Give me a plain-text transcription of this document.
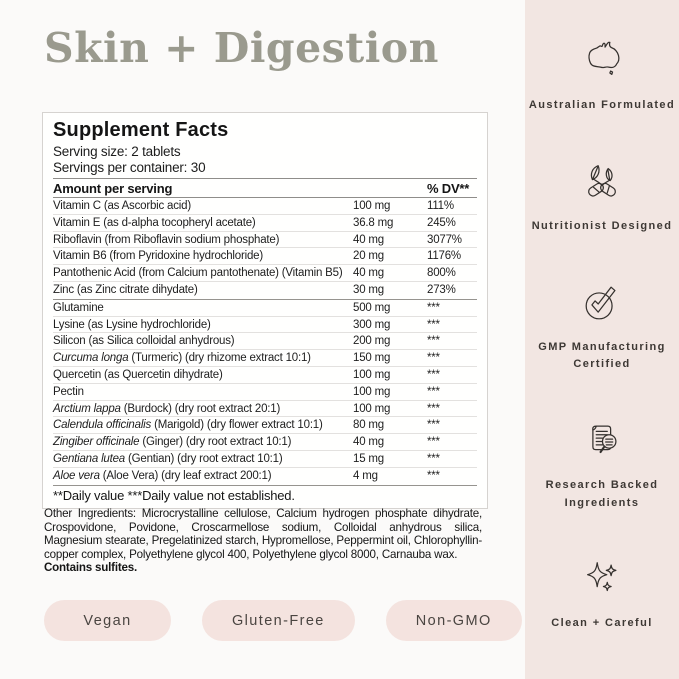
Skin + Digestion
Supplement Facts
Serving size: 2 tablets
Servings per container: 30
Amount per serving	% DV**
Vitamin C (as Ascorbic acid)	100 mg	111%
Vitamin E (as d-alpha tocopheryl acetate)	36.8 mg	245%
Riboflavin (from Riboflavin sodium phosphate)	40 mg	3077%
Vitamin B6 (from Pyridoxine hydrochloride)	20 mg	1176%
Pantothenic Acid (from Calcium pantothenate) (Vitamin B5) 40 mg	800%
Zinc (as Zinc citrate dihydate)	30 mg	273%
Glutamine	500 mg	***
Lysine (as Lysine hydrochloride)	300 mg	***
Silicon (as Silica colloidal anhydrous)	200 mg	***
Curcuma longa (Turmeric) (dry rhizome extract 10:1)	150 mg	***
Quercetin (as Quercetin dihydrate)	100 mg	***
Pectin	100 mg	***
Arctium lappa (Burdock) (dry root extract 20:1)	100 mg	***
Calendula officinalis (Marigold) (dry flower extract 10:1)	80 mg	***
Zingiber officinale (Ginger) (dry root extract 10:1)	40 mg	***
Gentiana lutea (Gentian) (dry root extract 10:1)	15 mg	***
Aloe vera (Aloe Vera) (dry leaf extract 200:1)	4 mg	***
**Daily value ***Daily value not established.

Other Ingredients: Microcrystalline cellulose, Calcium hydrogen phosphate dihydrate, Crospovidone, Povidone, Croscarmellose sodium, Colloidal anhydrous silica, Magnesium stearate, Pregelatinized starch, Hypromellose, Peppermint oil, Chlorophyllin- copper complex, Polyethylene glycol 400, Polyethylene glycol 8000, Carnauba wax.
Contains sulfites.

Vegan	Gluten-Free	Non-GMO
Australian Formulated
Nutritionist Designed
GMP Manufacturing Certified
Research Backed Ingredients
Clean + Careful
